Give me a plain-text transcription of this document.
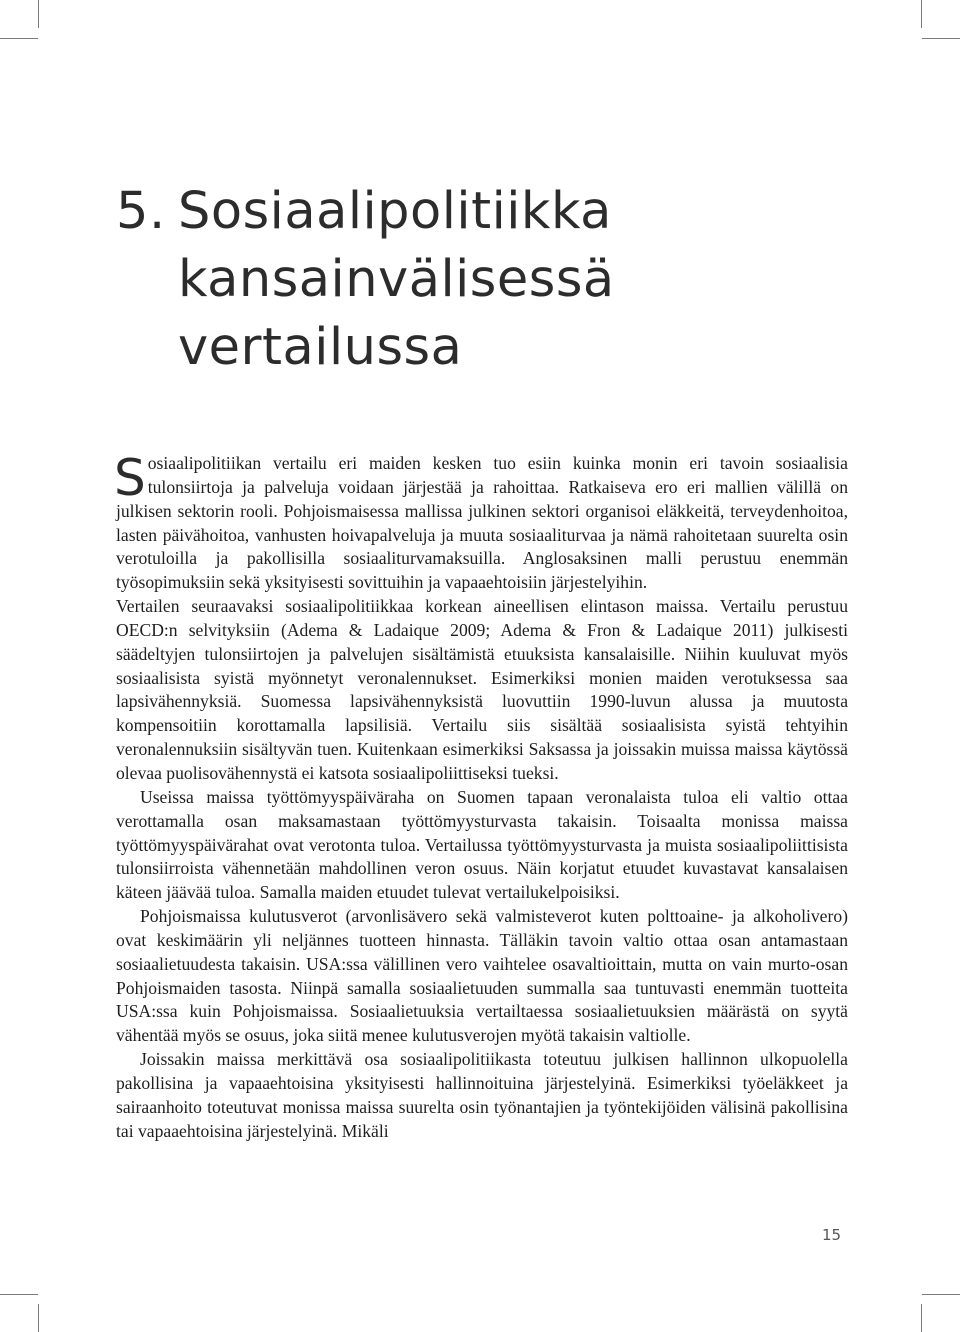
5. Sosiaalipolitiikka
kansainvälisessä
vertailussa

Sosiaalipolitiikan vertailu eri maiden kesken tuo esiin kuinka monin eri tavoin sosiaalisia tulonsiirtoja ja palveluja voidaan järjestää ja rahoittaa. Ratkaiseva ero eri mallien välillä on julkisen sektorin rooli. Pohjoismaisessa mallissa julkinen sektori organisoi eläkkeitä, terveydenhoitoa, lasten päivähoitoa, vanhusten hoivapalveluja ja muuta sosiaaliturvaa ja nämä rahoitetaan suurelta osin verotuloilla ja pakollisilla sosiaaliturvamaksuilla. Anglosaksinen malli perustuu enemmän työsopimuksiin sekä yksityisesti sovittuihin ja vapaaehtoisiin järjestelyihin.

Vertailen seuraavaksi sosiaalipolitiikkaa korkean aineellisen elintason maissa. Vertailu perustuu OECD:n selvityksiin (Adema & Ladaique 2009; Adema & Fron & Ladaique 2011) julkisesti säädeltyjen tulonsiirtojen ja palvelujen sisältämistä etuuksista kansalaisille. Niihin kuuluvat myös sosiaalisista syistä myönnetyt veronalennukset. Esimerkiksi monien maiden verotuksessa saa lapsivähennyksiä. Suomessa lapsivähennyksistä luovuttiin 1990-luvun alussa ja muutosta kompensoitiin korottamalla lapsilisiä. Vertailu siis sisältää sosiaalisista syistä tehtyihin veronalennuksiin sisältyvän tuen. Kuitenkaan esimerkiksi Saksassa ja joissakin muissa maissa käytössä olevaa puolisovähennystä ei katsota sosiaalipoliittiseksi tueksi.

Useissa maissa työttömyyspäiväraha on Suomen tapaan veronalaista tuloa eli valtio ottaa verottamalla osan maksamastaan työttömyysturvasta takaisin. Toisaalta monissa maissa työttömyyspäivärahat ovat verotonta tuloa. Vertailussa työttömyysturvasta ja muista sosiaalipoliittisista tulonsiirroista vähennetään mahdollinen veron osuus. Näin korjatut etuudet kuvastavat kansalaisen käteen jäävää tuloa. Samalla maiden etuudet tulevat vertailukelpoisiksi.

Pohjoismaissa kulutusverot (arvonlisävero sekä valmisteverot kuten polttoaine- ja alkoholivero) ovat keskimäärin yli neljännes tuotteen hinnasta. Tälläkin tavoin valtio ottaa osan antamastaan sosiaalietuudesta takaisin. USA:ssa välillinen vero vaihtelee osavaltioittain, mutta on vain murto-osan Pohjoismaiden tasosta. Niinpä samalla sosiaalietuuden summalla saa tuntuvasti enemmän tuotteita USA:ssa kuin Pohjoismaissa. Sosiaalietuuksia vertailtaessa sosiaalietuuksien määrästä on syytä vähentää myös se osuus, joka siitä menee kulutusverojen myötä takaisin valtiolle.

Joissakin maissa merkittävä osa sosiaalipolitiikasta toteutuu julkisen hallinnon ulkopuolella pakollisina ja vapaaehtoisina yksityisesti hallinnoituina järjestelyinä. Esimerkiksi työeläkkeet ja sairaanhoito toteutuvat monissa maissa suurelta osin työnantajien ja työntekijöiden välisinä pakollisina tai vapaaehtoisina järjestelyinä. Mikäli

15
